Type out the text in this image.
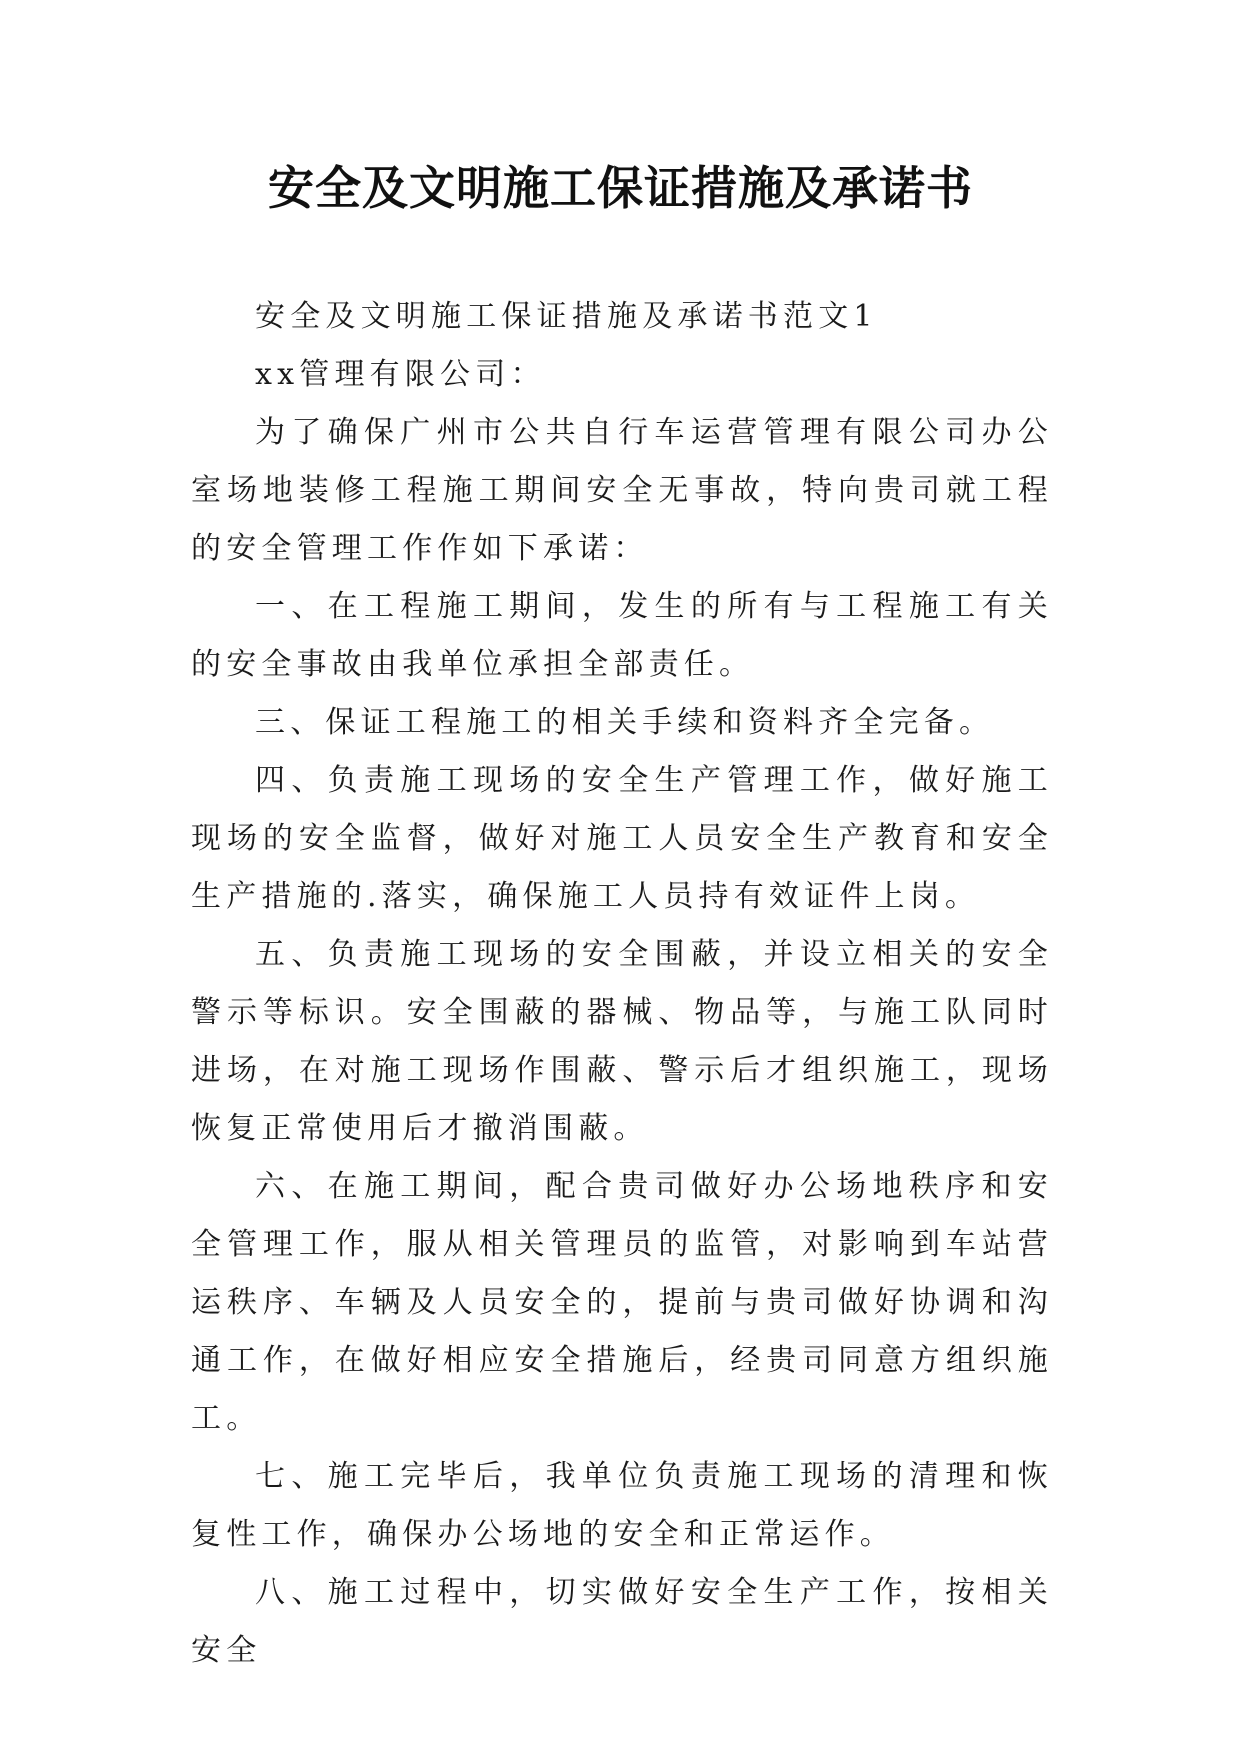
安全及文明施工保证措施及承诺书

安全及文明施工保证措施及承诺书范文1

xx管理有限公司：

为了确保广州市公共自行车运营管理有限公司办公室场地装修工程施工期间安全无事故，特向贵司就工程的安全管理工作作如下承诺：

一、在工程施工期间，发生的所有与工程施工有关的安全事故由我单位承担全部责任。

三、保证工程施工的相关手续和资料齐全完备。

四、负责施工现场的安全生产管理工作，做好施工现场的安全监督，做好对施工人员安全生产教育和安全生产措施的.落实，确保施工人员持有效证件上岗。

五、负责施工现场的安全围蔽，并设立相关的安全警示等标识。安全围蔽的器械、物品等，与施工队同时进场，在对施工现场作围蔽、警示后才组织施工，现场恢复正常使用后才撤消围蔽。

六、在施工期间，配合贵司做好办公场地秩序和安全管理工作，服从相关管理员的监管，对影响到车站营运秩序、车辆及人员安全的，提前与贵司做好协调和沟通工作，在做好相应安全措施后，经贵司同意方组织施工。

七、施工完毕后，我单位负责施工现场的清理和恢复性工作，确保办公场地的安全和正常运作。

八、施工过程中，切实做好安全生产工作，按相关安全
